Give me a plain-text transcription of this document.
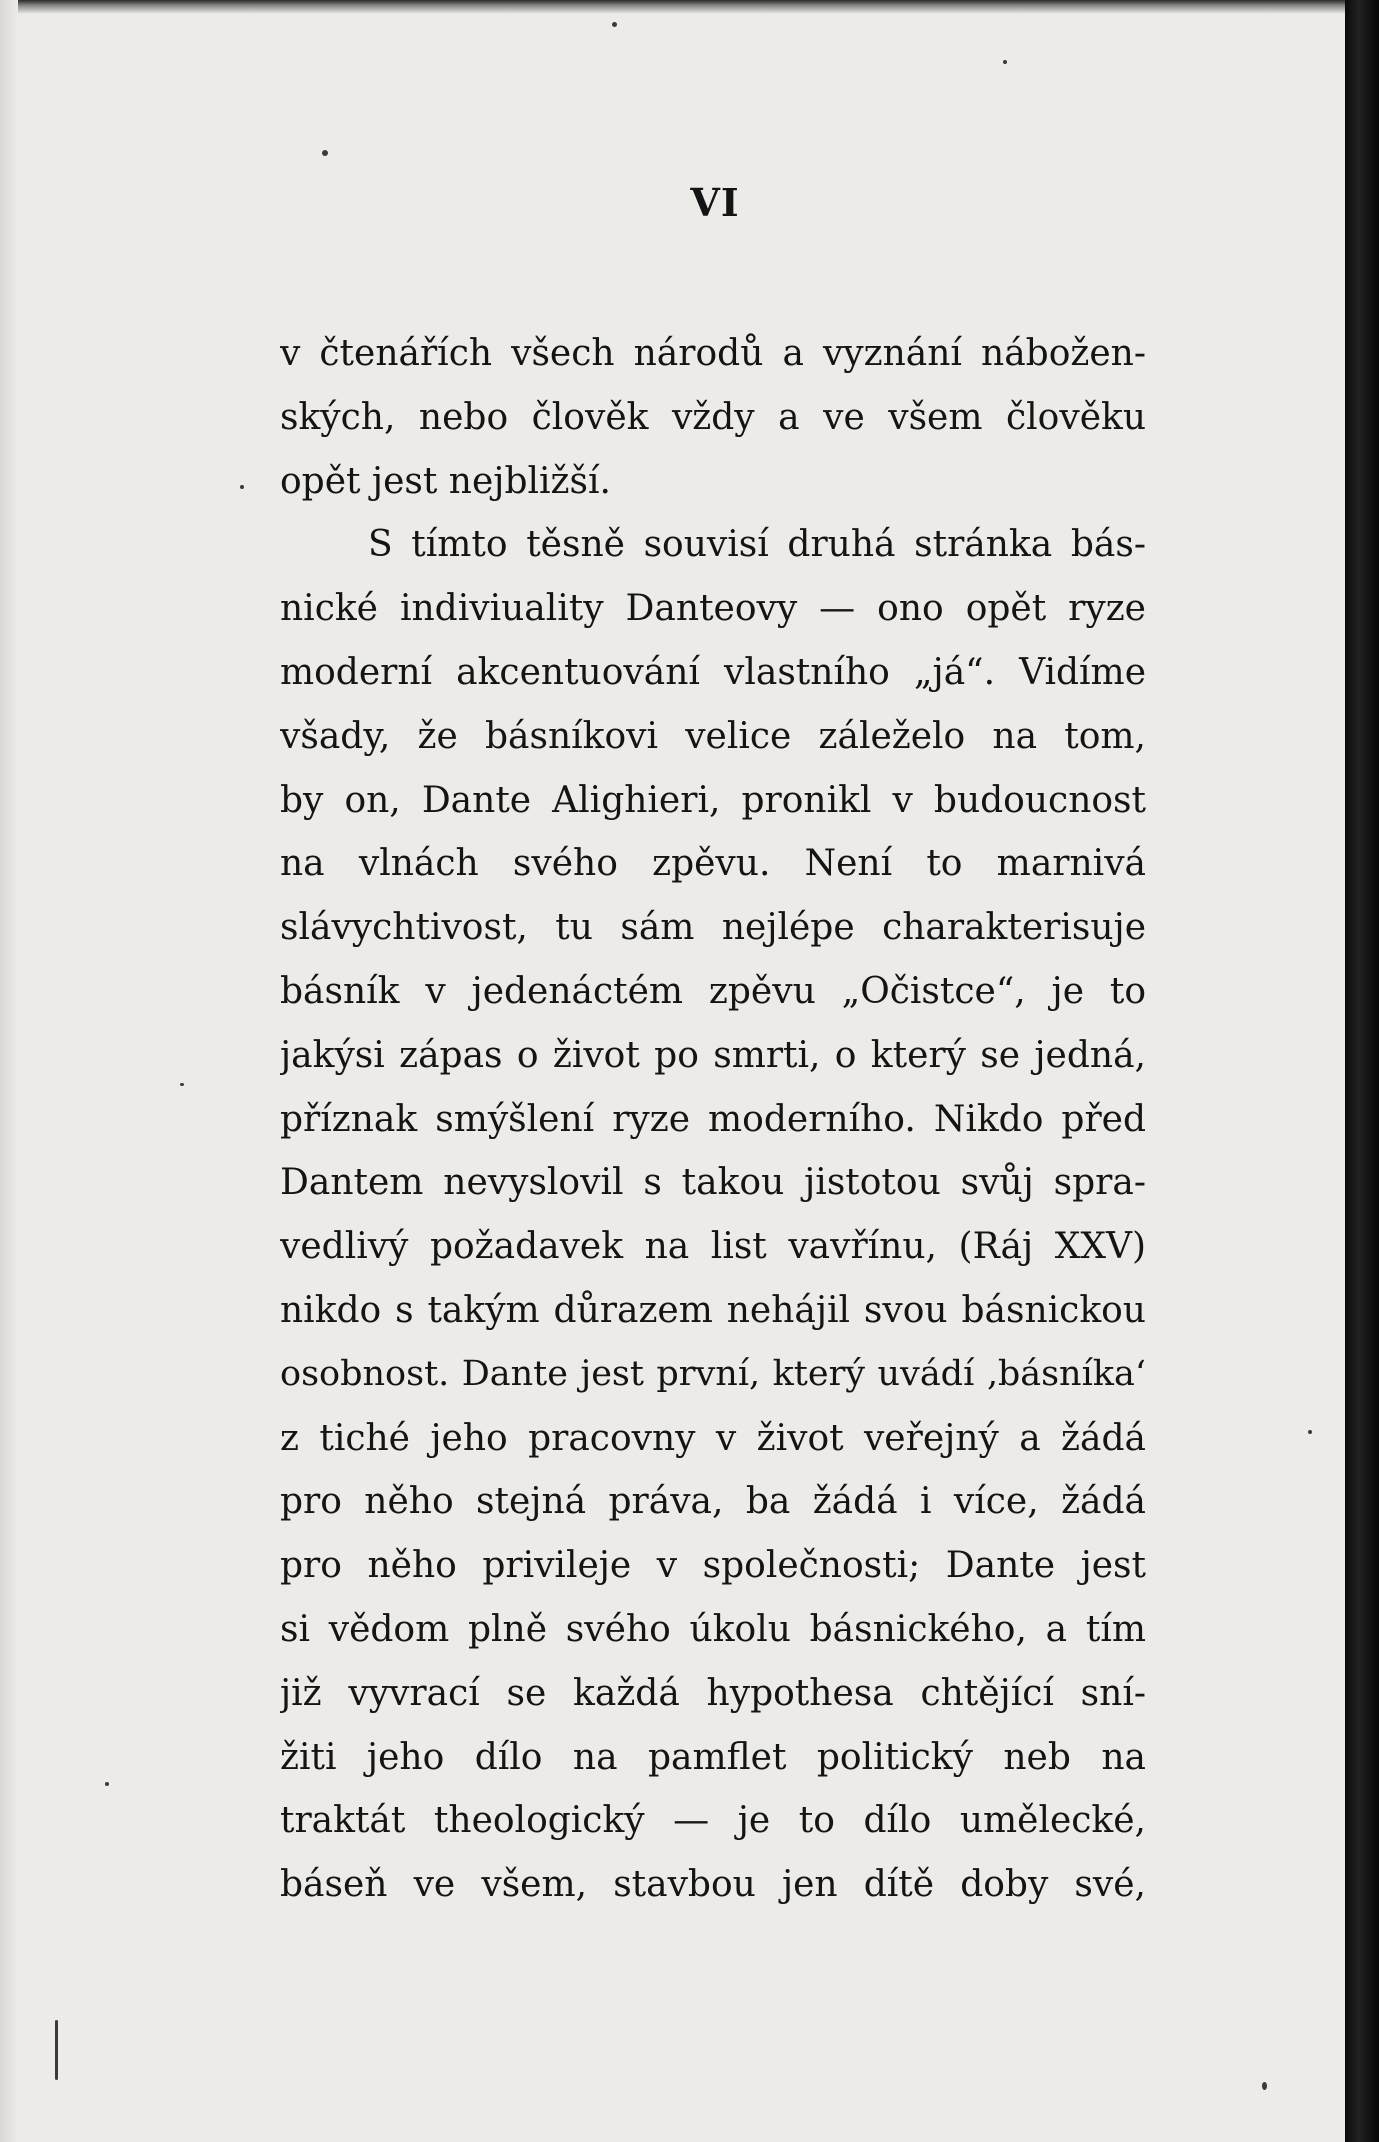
VI
v čtenářích všech národů a vyznání nábožen-
ských, nebo člověk vždy a ve všem člověku
opět jest nejbližší.
S tímto těsně souvisí druhá stránka bás-
nické indiviuality Danteovy — ono opět ryze
moderní akcentuování vlastního „já“. Vidíme
všady, že básníkovi velice záleželo na tom,
by on, Dante Alighieri, pronikl v budoucnost
na vlnách svého zpěvu. Není to marnivá
slávychtivost, tu sám nejlépe charakterisuje
básník v jedenáctém zpěvu „Očistce“, je to
jakýsi zápas o život po smrti, o který se jedná,
příznak smýšlení ryze moderního. Nikdo před
Dantem nevyslovil s takou jistotou svůj spra-
vedlivý požadavek na list vavřínu, (Ráj XXV)
nikdo s takým důrazem nehájil svou básnickou
osobnost. Dante jest první, který uvádí ‚básníka‘
z tiché jeho pracovny v život veřejný a žádá
pro něho stejná práva, ba žádá i více, žádá
pro něho privileje v společnosti; Dante jest
si vědom plně svého úkolu básnického, a tím
již vyvrací se každá hypothesa chtějící sní-
žiti jeho dílo na pamflet politický neb na
traktát theologický — je to dílo umělecké,
báseň ve všem, stavbou jen dítě doby své,
